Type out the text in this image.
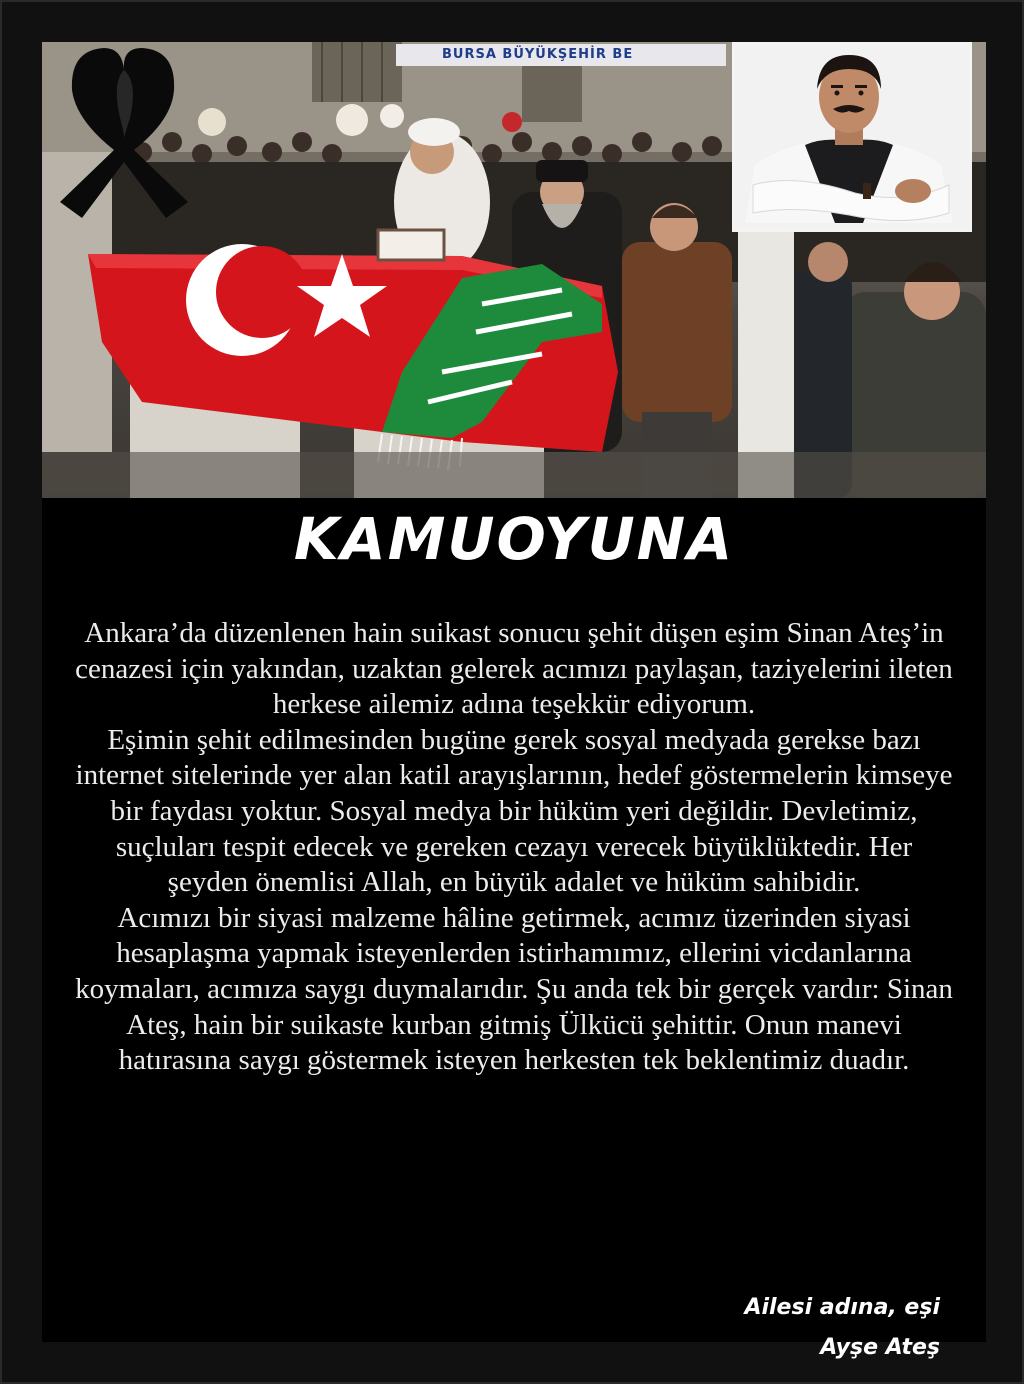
BURSA BÜYÜKŞEHİR BE
KAMUOYUNA

Ankara’da düzenlenen hain suikast sonucu şehit düşen eşim Sinan Ateş’in cenazesi için yakından, uzaktan gelerek acımızı paylaşan, taziyelerini ileten herkese ailemiz adına teşekkür ediyorum.

Eşimin şehit edilmesinden bugüne gerek sosyal medyada gerekse bazı internet sitelerinde yer alan katil arayışlarının, hedef göstermelerin kimseye bir faydası yoktur. Sosyal medya bir hüküm yeri değildir. Devletimiz, suçluları tespit edecek ve gereken cezayı verecek büyüklüktedir. Her şeyden önemlisi Allah, en büyük adalet ve hüküm sahibidir.

Acımızı bir siyasi malzeme hâline getirmek, acımız üzerinden siyasi hesaplaşma yapmak isteyenlerden istirhamımız, ellerini vicdanlarına koymaları, acımıza saygı duymalarıdır. Şu anda tek bir gerçek vardır: Sinan Ateş, hain bir suikaste kurban gitmiş Ülkücü şehittir. Onun manevi hatırasına saygı göstermek isteyen herkesten tek beklentimiz duadır.

Ailesi adına, eşi
Ayşe Ateş
